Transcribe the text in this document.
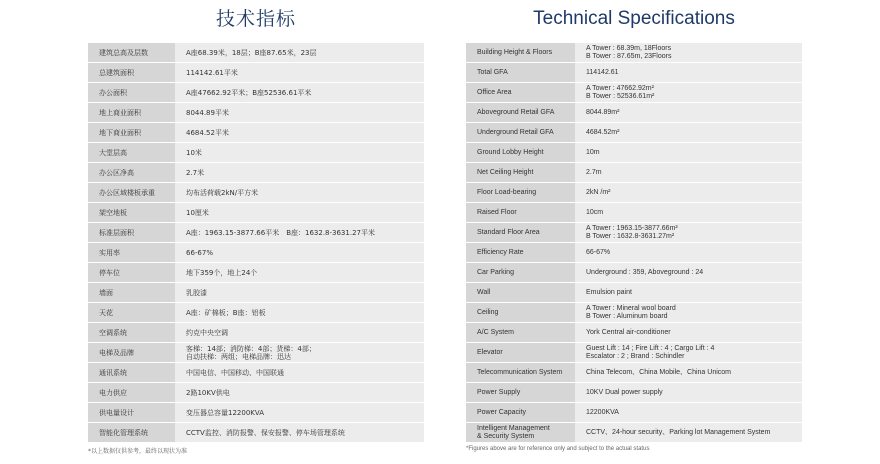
技术指标
建筑总高及层数	A座68.39米，18层；B座87.65米，23层

总建筑面积	114142.61平米

办公面积	A座47662.92平米；B座52536.61平米

地上商业面积	8044.89平米

地下商业面积	4684.52平米

大堂层高	10米

办公区净高	2.7米

办公区域楼板承重	均布活荷载2kN/平方米

架空地板	10厘米

标准层面积	A座：1963.15-3877.66平米　B座：1632.8-3631.27平米

实用率	66-67%

停车位	地下359个，地上24个

墙面	乳胶漆

天花	A座：矿棉板；B座：铝板

空调系统	约克中央空调

电梯及品牌	客梯：14部；消防梯：4部；货梯：4部；
自动扶梯：两组；电梯品牌：迅达

通讯系统	中国电信、中国移动、中国联通

电力供应	2路10KV供电

供电量设计	变压器总容量12200KVA

智能化管理系统	CCTV监控、消防报警、保安报警、停车场管理系统
*以上数据仅供参考，最终以现状为准
Technical Specifications
Building Height & Floors	A Tower : 68.39m, 18Floors
B Tower : 87.65m, 23Floors

Total GFA	114142.61

Office Area	A Tower : 47662.92m²
B Tower : 52536.61m²

Aboveground Retail GFA	8044.89m²

Underground Retail GFA	4684.52m²

Ground Lobby Height	10m

Net Ceiling Height	2.7m

Floor Load-bearing	2kN /m²

Raised Floor	10cm

Standard Floor Area	A Tower : 1963.15-3877.66m²
B Tower : 1632.8-3631.27m²

Efficiency Rate	66-67%

Car Parking	Underground : 359, Aboveground : 24

Wall	Emulsion paint

Ceiling	A Tower : Mineral wool board
B Tower : Aluminum board

A/C System	York Central air-conditioner

Elevator	Guest Lift : 14 ; Fire Lift : 4 ; Cargo Lift : 4
Escalator : 2 ; Brand : Schindler

Telecommunication System	China Telecom、China Mobile、China Unicom

Power Supply	10KV Dual power supply

Power Capacity	12200KVA

Intelligent Management
& Security System	CCTV、24-hour security、Parking lot Management System
*Figures above are for reference only and subject to the actual status
